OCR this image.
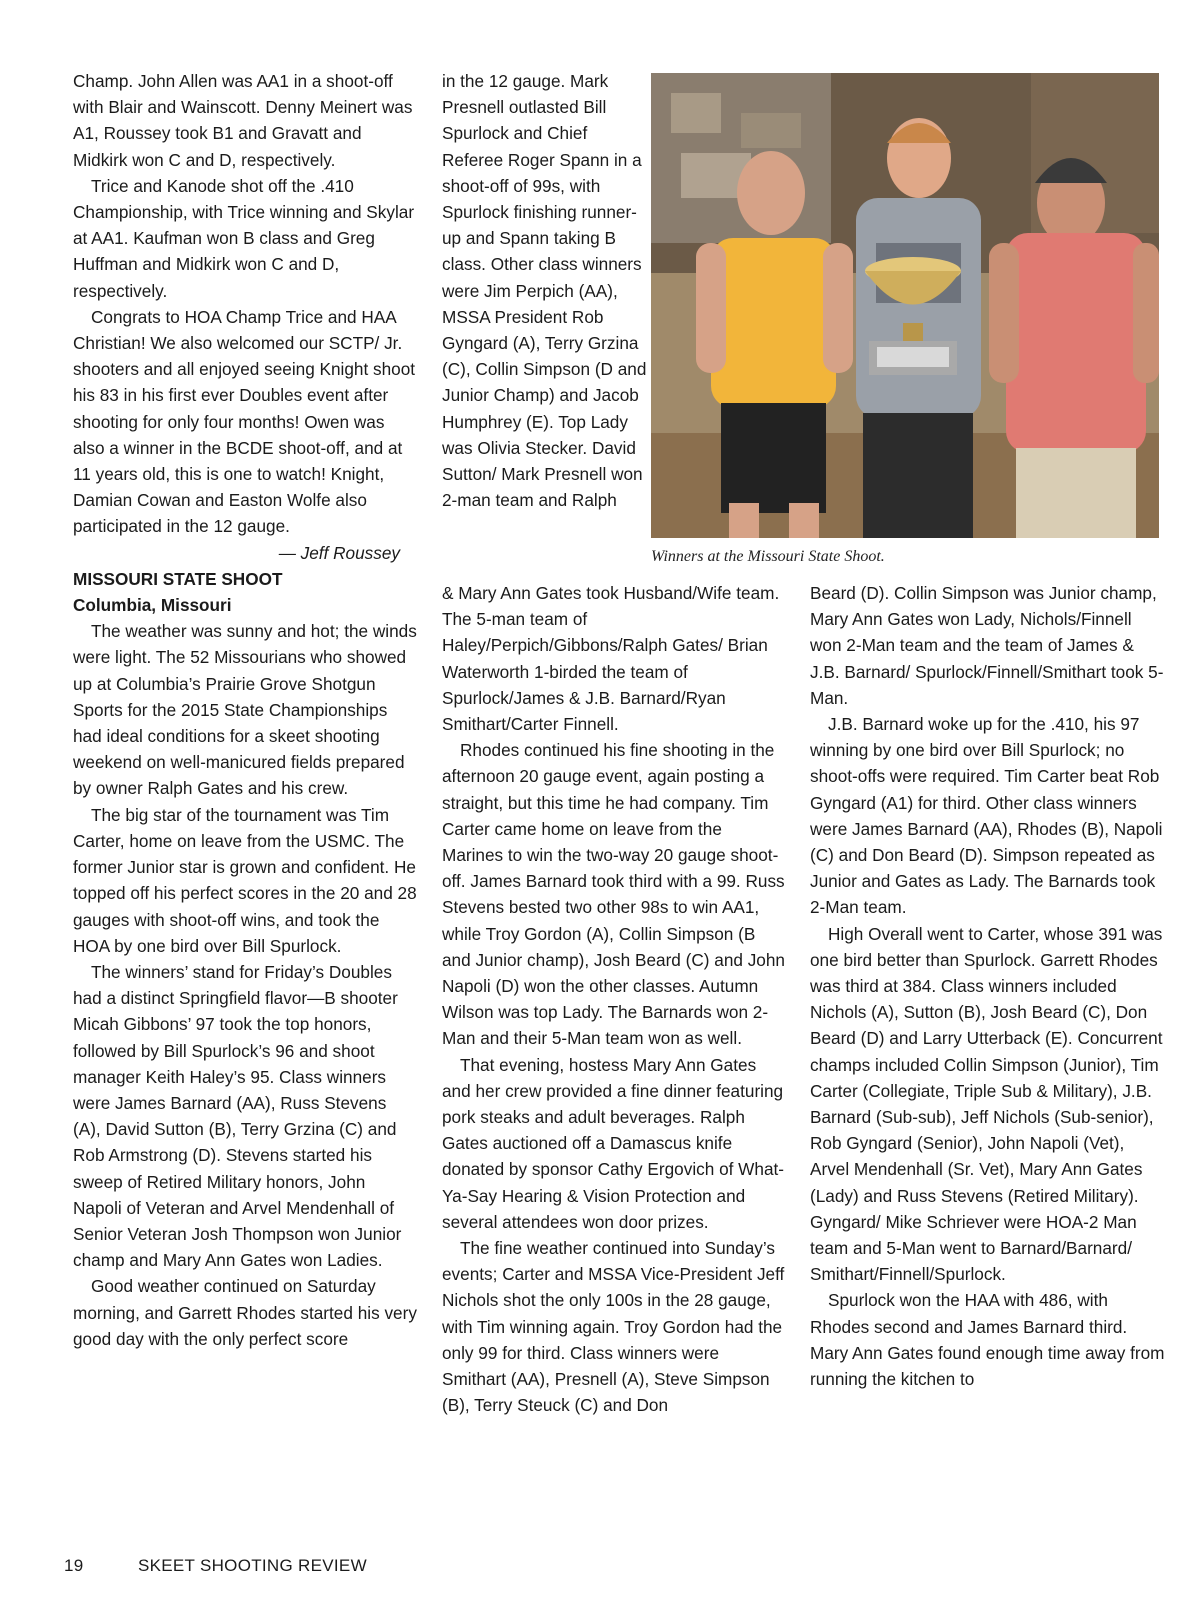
Champ. John Allen was AA1 in a shoot-off with Blair and Wainscott. Denny Meinert was A1, Roussey took B1 and Gravatt and Midkirk won C and D, respectively.

Trice and Kanode shot off the .410 Championship, with Trice winning and Skylar at AA1. Kaufman won B class and Greg Huffman and Midkirk won C and D, respectively.

Congrats to HOA Champ Trice and HAA Christian! We also welcomed our SCTP/ Jr. shooters and all enjoyed seeing Knight shoot his 83 in his first ever Doubles event after shooting for only four months! Owen was also a winner in the BCDE shoot-off, and at 11 years old, this is one to watch! Knight, Damian Cowan and Easton Wolfe also participated in the 12 gauge.

— Jeff Roussey

MISSOURI STATE SHOOT

Columbia, Missouri

The weather was sunny and hot; the winds were light. The 52 Missourians who showed up at Columbia’s Prairie Grove Shotgun Sports for the 2015 State Championships had ideal conditions for a skeet shooting weekend on well-manicured fields prepared by owner Ralph Gates and his crew.

The big star of the tournament was Tim Carter, home on leave from the USMC. The former Junior star is grown and confident. He topped off his perfect scores in the 20 and 28 gauges with shoot-off wins, and took the HOA by one bird over Bill Spurlock.

The winners’ stand for Friday’s Doubles had a distinct Springfield flavor—B shooter Micah Gibbons’ 97 took the top honors, followed by Bill Spurlock’s 96 and shoot manager Keith Haley’s 95. Class winners were James Barnard (AA), Russ Stevens (A), David Sutton (B), Terry Grzina (C) and Rob Armstrong (D). Stevens started his sweep of Retired Military honors, John Napoli of Veteran and Arvel Mendenhall of Senior Veteran Josh Thompson won Junior champ and Mary Ann Gates won Ladies.

Good weather continued on Saturday morning, and Garrett Rhodes started his very good day with the only perfect score

in the 12 gauge. Mark Presnell outlasted Bill Spurlock and Chief Referee Roger Spann in a shoot-off of 99s, with Spurlock finishing runner-up and Spann taking B class. Other class winners were Jim Perpich (AA), MSSA President Rob Gyngard (A), Terry Grzina (C), Collin Simpson (D and Junior Champ) and Jacob Humphrey (E). Top Lady was Olivia Stecker. David Sutton/ Mark Presnell won 2-man team and Ralph

Winners at the Missouri State Shoot.

& Mary Ann Gates took Husband/Wife team. The 5-man team of Haley/Perpich/Gibbons/Ralph Gates/ Brian Waterworth 1-birded the team of Spurlock/James & J.B. Barnard/Ryan Smithart/Carter Finnell.

Rhodes continued his fine shooting in the afternoon 20 gauge event, again posting a straight, but this time he had company. Tim Carter came home on leave from the Marines to win the two-way 20 gauge shoot-off. James Barnard took third with a 99. Russ Stevens bested two other 98s to win AA1, while Troy Gordon (A), Collin Simpson (B and Junior champ), Josh Beard (C) and John Napoli (D) won the other classes. Autumn Wilson was top Lady. The Barnards won 2-Man and their 5-Man team won as well.

That evening, hostess Mary Ann Gates and her crew provided a fine dinner featuring pork steaks and adult beverages. Ralph Gates auctioned off a Damascus knife donated by sponsor Cathy Ergovich of What-Ya-Say Hearing & Vision Protection and several attendees won door prizes.

The fine weather continued into Sunday’s events; Carter and MSSA Vice-President Jeff Nichols shot the only 100s in the 28 gauge, with Tim winning again. Troy Gordon had the only 99 for third. Class winners were Smithart (AA), Presnell (A), Steve Simpson (B), Terry Steuck (C) and Don

Beard (D). Collin Simpson was Junior champ, Mary Ann Gates won Lady, Nichols/Finnell won 2-Man team and the team of James & J.B. Barnard/ Spurlock/Finnell/Smithart took 5-Man.

J.B. Barnard woke up for the .410, his 97 winning by one bird over Bill Spurlock; no shoot-offs were required. Tim Carter beat Rob Gyngard (A1) for third. Other class winners were James Barnard (AA), Rhodes (B), Napoli (C) and Don Beard (D). Simpson repeated as Junior and Gates as Lady. The Barnards took 2-Man team.

High Overall went to Carter, whose 391 was one bird better than Spurlock. Garrett Rhodes was third at 384. Class winners included Nichols (A), Sutton (B), Josh Beard (C), Don Beard (D) and Larry Utterback (E). Concurrent champs included Collin Simpson (Junior), Tim Carter (Collegiate, Triple Sub & Military), J.B. Barnard (Sub-sub), Jeff Nichols (Sub-senior), Rob Gyngard (Senior), John Napoli (Vet), Arvel Mendenhall (Sr. Vet), Mary Ann Gates (Lady) and Russ Stevens (Retired Military). Gyngard/ Mike Schriever were HOA-2 Man team and 5-Man went to Barnard/Barnard/ Smithart/Finnell/Spurlock.

Spurlock won the HAA with 486, with Rhodes second and James Barnard third. Mary Ann Gates found enough time away from running the kitchen to

19	SKEET SHOOTING REVIEW
